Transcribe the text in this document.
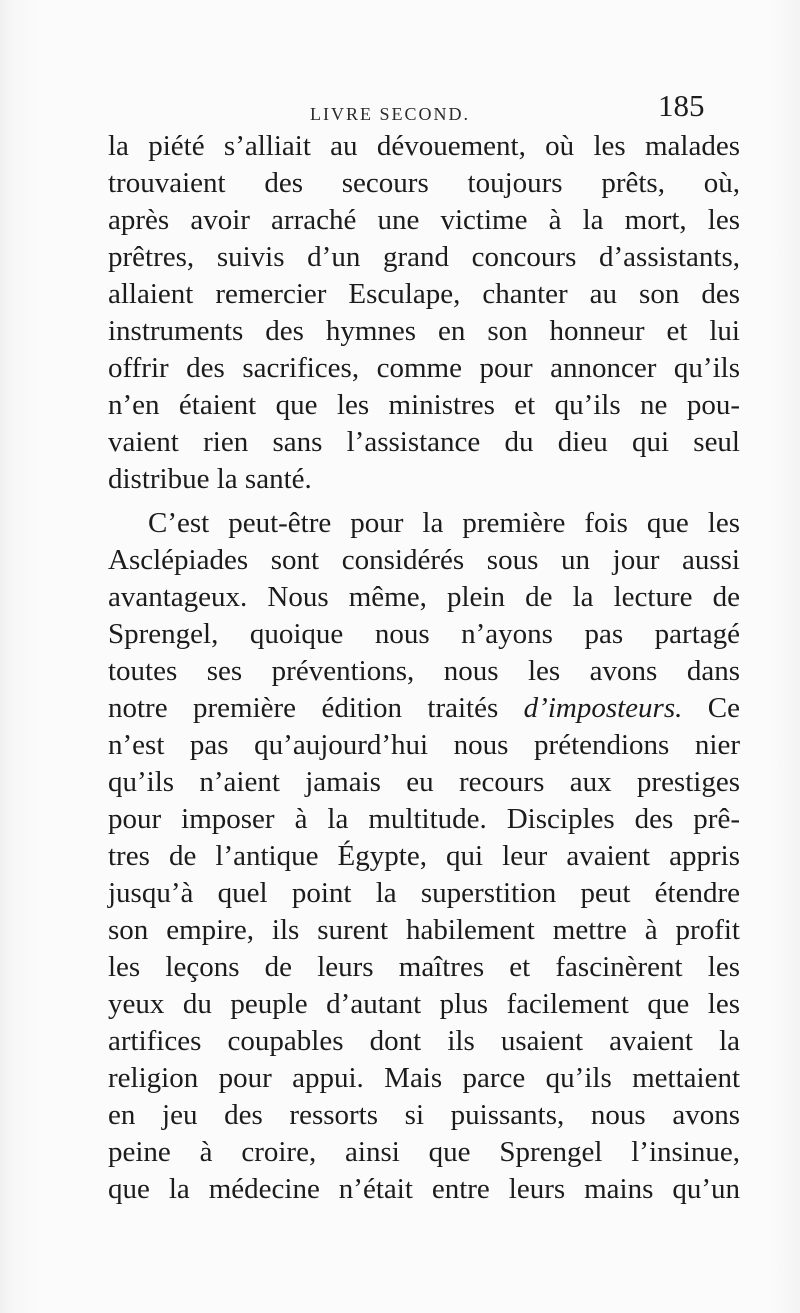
LIVRE SECOND.	185
la piété s’alliait au dévouement, où les malades
trouvaient des secours toujours prêts, où,
après avoir arraché une victime à la mort, les
prêtres, suivis d’un grand concours d’assistants,
allaient remercier Esculape, chanter au son des
instruments des hymnes en son honneur et lui
offrir des sacrifices, comme pour annoncer qu’ils
n’en étaient que les ministres et qu’ils ne pou-
vaient rien sans l’assistance du dieu qui seul
distribue la santé.
C’est peut-être pour la première fois que les
Asclépiades sont considérés sous un jour aussi
avantageux. Nous même, plein de la lecture de
Sprengel, quoique nous n’ayons pas partagé
toutes ses préventions, nous les avons dans
notre première édition traités d’imposteurs. Ce
n’est pas qu’aujourd’hui nous prétendions nier
qu’ils n’aient jamais eu recours aux prestiges
pour imposer à la multitude. Disciples des prê-
tres de l’antique Égypte, qui leur avaient appris
jusqu’à quel point la superstition peut étendre
son empire, ils surent habilement mettre à profit
les leçons de leurs maîtres et fascinèrent les
yeux du peuple d’autant plus facilement que les
artifices coupables dont ils usaient avaient la
religion pour appui. Mais parce qu’ils mettaient
en jeu des ressorts si puissants, nous avons
peine à croire, ainsi que Sprengel l’insinue,
que la médecine n’était entre leurs mains qu’un
